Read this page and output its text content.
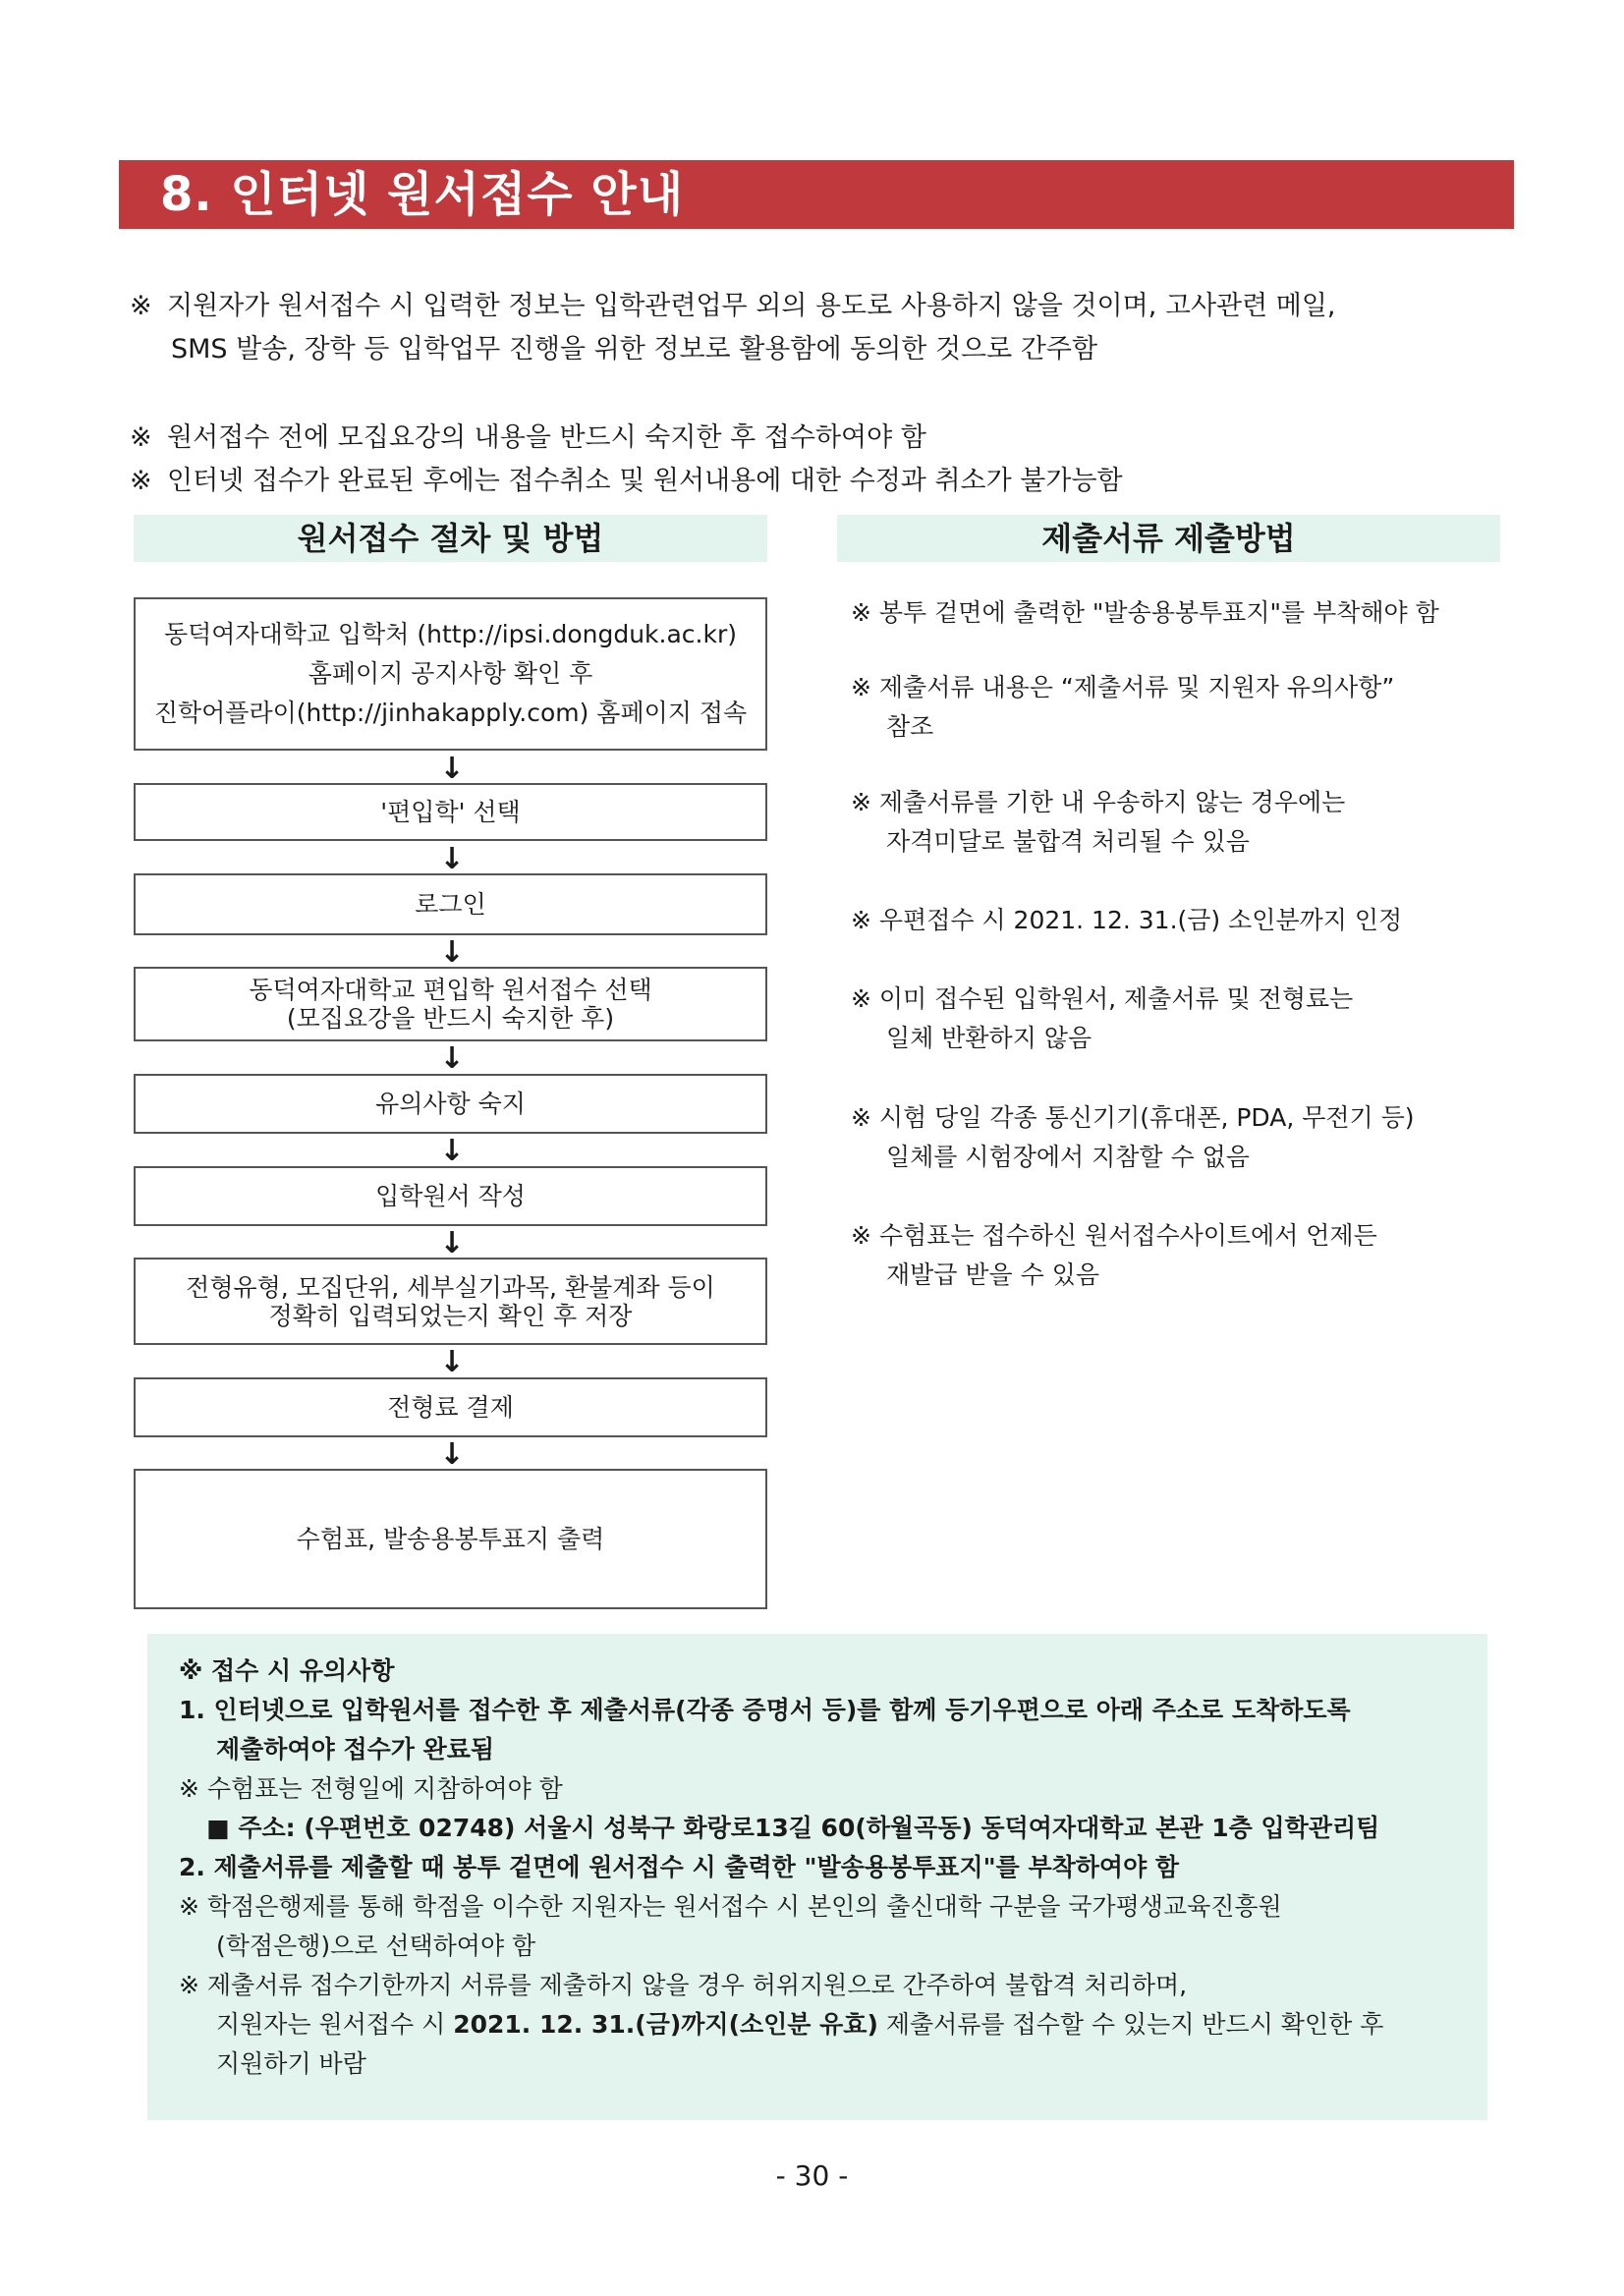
8. 인터넷 원서접수 안내
※ 지원자가 원서접수 시 입력한 정보는 입학관련업무 외의 용도로 사용하지 않을 것이며, 고사관련 메일,
SMS 발송, 장학 등 입학업무 진행을 위한 정보로 활용함에 동의한 것으로 간주함
※ 원서접수 전에 모집요강의 내용을 반드시 숙지한 후 접수하여야 함
※ 인터넷 접수가 완료된 후에는 접수취소 및 원서내용에 대한 수정과 취소가 불가능함
원서접수 절차 및 방법	제출서류 제출방법
동덕여자대학교 입학처 (http://ipsi.dongduk.ac.kr)
홈페이지 공지사항 확인 후
진학어플라이(http://jinhakapply.com) 홈페이지 접속
↓
'편입학' 선택
↓
로그인
↓
동덕여자대학교 편입학 원서접수 선택
(모집요강을 반드시 숙지한 후)
↓
유의사항 숙지
↓
입학원서 작성
↓
전형유형, 모집단위, 세부실기과목, 환불계좌 등이
정확히 입력되었는지 확인 후 저장
↓
전형료 결제
↓
수험표, 발송용봉투표지 출력
※ 봉투 겉면에 출력한 "발송용봉투표지"를 부착해야 함
※ 제출서류 내용은 “제출서류 및 지원자 유의사항”
참조
※ 제출서류를 기한 내 우송하지 않는 경우에는
자격미달로 불합격 처리될 수 있음
※ 우편접수 시 2021. 12. 31.(금) 소인분까지 인정
※ 이미 접수된 입학원서, 제출서류 및 전형료는
일체 반환하지 않음
※ 시험 당일 각종 통신기기(휴대폰, PDA, 무전기 등)
일체를 시험장에서 지참할 수 없음
※ 수험표는 접수하신 원서접수사이트에서 언제든
재발급 받을 수 있음
※ 접수 시 유의사항
1. 인터넷으로 입학원서를 접수한 후 제출서류(각종 증명서 등)를 함께 등기우편으로 아래 주소로 도착하도록
제출하여야 접수가 완료됨
※ 수험표는 전형일에 지참하여야 함
■ 주소: (우편번호 02748) 서울시 성북구 화랑로13길 60(하월곡동) 동덕여자대학교 본관 1층 입학관리팀
2. 제출서류를 제출할 때 봉투 겉면에 원서접수 시 출력한 "발송용봉투표지"를 부착하여야 함
※ 학점은행제를 통해 학점을 이수한 지원자는 원서접수 시 본인의 출신대학 구분을 국가평생교육진흥원
(학점은행)으로 선택하여야 함
※ 제출서류 접수기한까지 서류를 제출하지 않을 경우 허위지원으로 간주하여 불합격 처리하며,
지원자는 원서접수 시 2021. 12. 31.(금)까지(소인분 유효) 제출서류를 접수할 수 있는지 반드시 확인한 후
지원하기 바람
- 30 -
